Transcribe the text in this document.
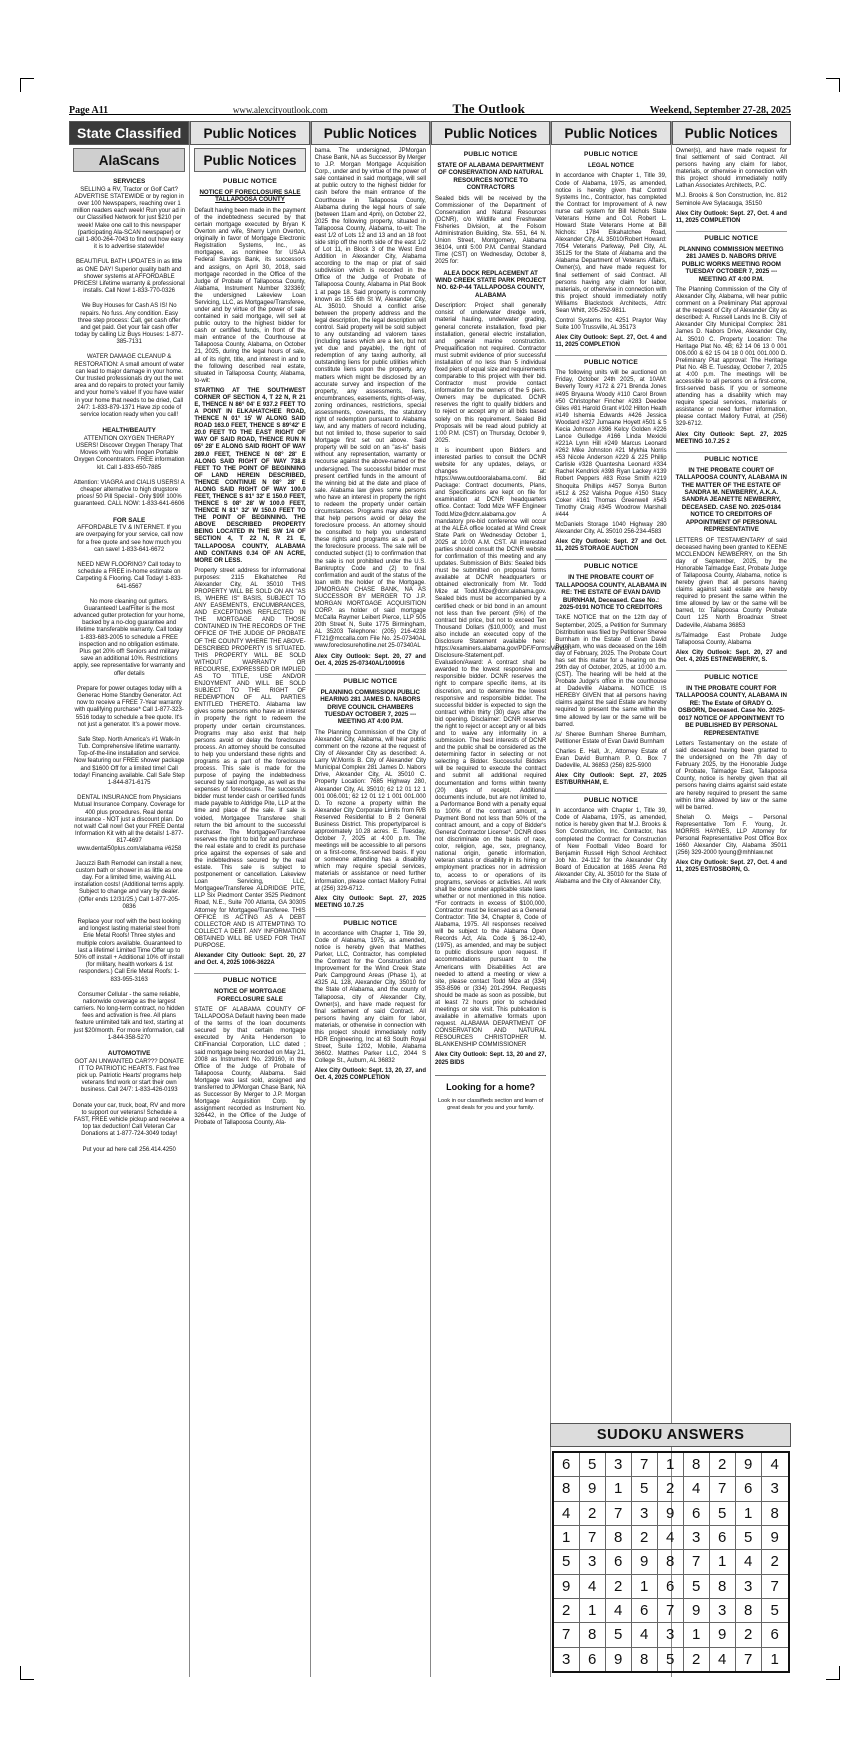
Page A11	www.alexcityoutlook.com	The Outlook	Weekend, September 27-28, 2025
State Classified
AlaScans
SERVICES
SELLING a RV, Tractor or Golf Cart? ADVERTISE STATEWIDE or by region in over 100 Newspapers, reaching over 1 million readers each week! Run your ad in our Classified Network for just $210 per week! Make one call to this newspaper (participating Ala-SCAN newspaper) or call 1-800-264-7043 to find out how easy it is to advertise statewide!
BEAUTIFUL BATH UPDATES in as little as ONE DAY! Superior quality bath and shower systems at AFFORDABLE PRICES! Lifetime warranty & professional installs. Call Now! 1-833-770-0326
We Buy Houses for Cash AS IS! No repairs. No fuss. Any condition. Easy three step process: Call, get cash offer and get paid. Get your fair cash offer today by calling Liz Buys Houses: 1-877-385-7131
WATER DAMAGE CLEANUP & RESTORATION: A small amount of water can lead to major damage in your home. Our trusted professionals dry out the wet area and do repairs to protect your family and your home's value! If you have water in your home that needs to be dried, Call 24/7: 1-833-879-1371 Have zip code of service location ready when you call!
HEALTH/BEAUTY
ATTENTION OXYGEN THERAPY USERS! Discover Oxygen Therapy That Moves with You with Inogen Portable Oxygen Concentrators. FREE information kit. Call 1-833-650-7885
Attention: VIAGRA and CIALIS USERS! A cheaper alternative to high drugstore prices! 50 Pill Special - Only $99! 100% guaranteed. CALL NOW: 1-833-641-6606
FOR SALE
AFFORDABLE TV & INTERNET. If you are overpaying for your service, call now for a free quote and see how much you can save! 1-833-641-6672
NEED NEW FLOORING? Call today to schedule a FREE in-home estimate on Carpeting & Flooring. Call Today! 1-833-641-6567
No more cleaning out gutters. Guaranteed! LeafFilter is the most advanced gutter protection for your home, backed by a no-clog guarantee and lifetime transferable warranty. Call today 1-833-683-2005 to schedule a FREE inspection and no obligation estimate. Plus get 20% off! Seniors and military save an additional 10%. Restrictions apply, see representative for warranty and offer details
Prepare for power outages today with a Generac Home Standby Generator. Act now to receive a FREE 7-Year warranty with qualifying purchase* Call 1-877-323-5516 today to schedule a free quote. It's not just a generator. It's a power move.
Safe Step. North America's #1 Walk-In Tub. Comprehensive lifetime warranty. Top-of-the-line installation and service. Now featuring our FREE shower package and $1600 Off for a limited time! Call today! Financing available. Call Safe Step 1-844-871-6175
DENTAL INSURANCE from Physicians Mutual Insurance Company. Coverage for 400 plus procedures. Real dental insurance - NOT just a discount plan. Do not wait! Call now! Get your FREE Dental Information Kit with all the details! 1-877-817-4697 www.dental50plus.com/alabama #6258
Jacuzzi Bath Remodel can install a new, custom bath or shower in as little as one day. For a limited time, waiving ALL installation costs! (Additional terms apply. Subject to change and vary by dealer. (Offer ends 12/31/25.) Call 1-877-205-0836
Replace your roof with the best looking and longest lasting material steel from Erie Metal Roofs! Three styles and multiple colors available. Guaranteed to last a lifetime! Limited Time Offer up to 50% off install + Additional 10% off install (for military, health workers & 1st responders.) Call Erie Metal Roofs: 1-833-955-3163
Consumer Cellular - the same reliable, nationwide coverage as the largest carriers. No long-term contract, no hidden fees and activation is free. All plans feature unlimited talk and text, starting at just $20/month. For more information, call 1-844-358-5270
AUTOMOTIVE
GOT AN UNWANTED CAR??? DONATE IT TO PATRIOTIC HEARTS. Fast free pick up. Patriotic Hearts' programs help veterans find work or start their own business. Call 24/7: 1-833-426-0193
Donate your car, truck, boat, RV and more to support our veterans! Schedule a FAST, FREE vehicle pickup and receive a top tax deduction! Call Veteran Car Donations at 1-877-724-3049 today!
Put your ad here call 256.414.4250
Public Notices
Public Notices
PUBLIC NOTICE
NOTICE OF FORECLOSURE SALE TALLAPOOSA COUNTY
Default having been made in the payment of the indebtedness secured by that certain mortgage executed by Bryan K Overton and wife, Sherry Lynn Overton, originally in favor of Mortgage Electronic Registration Systems, Inc., as mortgagee, as nominee for USAA Federal Savings Bank, its successors and assigns, on April 30, 2018, said mortgage recorded in the Office of the Judge of Probate of Tallapoosa County, Alabama, Instrument Number 323369; the undersigned Lakeview Loan Servicing, LLC, as Mortgagee/Transferee, under and by virtue of the power of sale contained in said mortgage, will sell at public outcry to the highest bidder for cash or certified funds, in front of the main entrance of the Courthouse at Tallapoosa County, Alabama, on October 21, 2025, during the legal hours of sale, all of its right, title, and interest in and to the following described real estate, situated in Tallapoosa County, Alabama, to-wit:
STARTING AT THE SOUTHWEST CORNER OF SECTION 4, T 22 N, R 21 E, THENCE N 86° 04' E 937.2 FEET TO A POINT IN ELKAHATCHEE ROAD, THENCE N 01° 15' W ALONG SAID ROAD 163.0 FEET, THENCE S 89°42' E 20.0 FEET TO THE EAST RIGHT OF WAY OF SAID ROAD, THENCE RUN N 05° 28' E ALONG SAID RIGHT OF WAY 289.0 FEET, THENCE N 08° 28' E ALONG SAID RIGHT OF WAY 738.8 FEET TO THE POINT OF BEGINNING OF LAND HEREIN DESCRIBED, THENCE CONTINUE N 08° 28' E ALONG SAID RIGHT OF WAY 100.0 FEET, THENCE S 81° 32' E 150.0 FEET, THENCE S 08° 28' W 100.0 FEET, THENCE N 81° 32' W 150.0 FEET TO THE POINT OF BEGINNING. THE ABOVE DESCRIBED PROPERTY BEING LOCATED IN THE SW 1/4 OF SECTION 4, T 22 N, R 21 E, TALLAPOOSA COUNTY, ALABAMA AND CONTAINS 0.34 OF AN ACRE, MORE OR LESS.
Property street address for informational purposes: 2115 Elkahatchee Rd Alexander City, AL 35010 THIS PROPERTY WILL BE SOLD ON AN "AS IS, WHERE IS" BASIS, SUBJECT TO ANY EASEMENTS, ENCUMBRANCES, AND EXCEPTIONS REFLECTED IN THE MORTGAGE AND THOSE CONTAINED IN THE RECORDS OF THE OFFICE OF THE JUDGE OF PROBATE OF THE COUNTY WHERE THE ABOVE-DESCRIBED PROPERTY IS SITUATED. THIS PROPERTY WILL BE SOLD WITHOUT WARRANTY OR RECOURSE, EXPRESSED OR IMPLIED AS TO TITLE, USE AND/OR ENJOYMENT AND WILL BE SOLD SUBJECT TO THE RIGHT OF REDEMPTION OF ALL PARTIES ENTITLED THERETO. Alabama law gives some persons who have an interest in property the right to redeem the property under certain circumstances. Programs may also exist that help persons avoid or delay the foreclosure process. An attorney should be consulted to help you understand these rights and programs as a part of the foreclosure process. This sale is made for the purpose of paying the indebtedness secured by said mortgage, as well as the expenses of foreclosure. The successful bidder must tender cash or certified funds made payable to Aldridge Pite, LLP at the time and place of the sale. If sale is voided, Mortgagee Transferee shall return the bid amount to the successful purchaser. The Mortgagee/Transferee reserves the right to bid for and purchase the real estate and to credit its purchase price against the expenses of sale and the indebtedness secured by the real estate. This sale is subject to postponement or cancellation. Lakeview Loan Servicing, LLC, Mortgagee/Transferee ALDRIDGE PITE, LLP Six Piedmont Center 3525 Piedmont Road, N.E., Suite 700 Atlanta, GA 30305 Attorney for Mortgagee/Transferee. THIS OFFICE IS ACTING AS A DEBT COLLECTOR AND IS ATTEMPTING TO COLLECT A DEBT. ANY INFORMATION OBTAINED WILL BE USED FOR THAT PURPOSE.
Alexander City Outlook: Sept. 20, 27 and Oct. 4, 2025 1006-3622A
PUBLIC NOTICE
NOTICE OF MORTGAGE FORECLOSURE SALE
STATE OF ALABAMA COUNTY OF TALLAPOOSA Default having been made of the terms of the loan documents secured by that certain mortgage executed by Anita Henderson to CitiFinancial Corporation, LLC dated ; said mortgage being recorded on May 21, 2008 as Instrument No. 239160, in the Office of the Judge of Probate of Tallapoosa County, Alabama. Said Mortgage was last sold, assigned and transferred to JPMorgan Chase Bank, NA as Successor By Merger to J.P. Morgan Mortgage Acquisition Corp. by assignment recorded as Instrument No. 326442, in the Office of the Judge of Probate of Tallapoosa County, Ala-
Public Notices
bama. The undersigned, JPMorgan Chase Bank, NA as Successor By Merger to J.P. Morgan Mortgage Acquisition Corp., under and by virtue of the power of sale contained in said mortgage, will sell at public outcry to the highest bidder for cash before the main entrance of the Courthouse in Tallapoosa County, Alabama during the legal hours of sale (between 11am and 4pm), on October 22, 2025 the following property, situated in Tallapoosa County, Alabama, to-wit: The east 1/2 of Lots 12 and 13 and an 18 foot side strip off the north side of the east 1/2 of Lot 11, in Block 3 of the West End Addition in Alexander City, Alabama according to the map or plat of said subdivision which is recorded in the Office of the Judge of Probate of Tallapoosa County, Alabama in Plat Book 1 at page 18. Said property is commonly known as 155 6th St W, Alexander City, AL 35010. Should a conflict arise between the property address and the legal description, the legal description will control. Said property will be sold subject to any outstanding ad valorem taxes (including taxes which are a lien, but not yet due and payable), the right of redemption of any taxing authority, all outstanding liens for public utilities which constitute liens upon the property, any matters which might be disclosed by an accurate survey and inspection of the property, any assessments, liens, encumbrances, easements, rights-of-way, zoning ordinances, restrictions, special assessments, covenants, the statutory right of redemption pursuant to Alabama law, and any matters of record including, but not limited to, those superior to said Mortgage first set out above. Said property will be sold on an "as-is" basis without any representation, warranty or recourse against the above-named or the undersigned. The successful bidder must present certified funds in the amount of the winning bid at the date and place of sale. Alabama law gives some persons who have an interest in property the right to redeem the property under certain circumstances. Programs may also exist that help persons avoid or delay the foreclosure process. An attorney should be consulted to help you understand these rights and programs as a part of the foreclosure process. The sale will be conducted subject (1) to confirmation that the sale is not prohibited under the U.S. Bankruptcy Code and (2) to final confirmation and audit of the status of the loan with the holder of the Mortgage. JPMORGAN CHASE BANK, NA AS SUCCESSOR BY MERGER TO J.P. MORGAN MORTGAGE ACQUISITION CORP. as holder of said mortgage McCalla Raymer Leibert Pierce, LLP 505 20th Street N, Suite 1775 Birmingham, AL 35203 Telephone: (205) 216-4238 FT21@mccalla.com File No. 25-07340AL www.foreclosurehotline.net 25-07340AL
Alex City Outlook: Sept. 20, 27 and Oct. 4, 2025 25-07340AL/100916
PUBLIC NOTICE
PLANNING COMMISSION PUBLIC HEARING 281 JAMES D. NABORS DRIVE COUNCIL CHAMBERS TUESDAY OCTOBER 7, 2025 --- MEETING AT 4:00 P.M.
The Planning Commission of the City of Alexander City, Alabama, will hear public comment on the rezone at the request of City of Alexander City as described: A. Larry W.Morris B. City of Alexander City Municipal Complex 281 James D. Nabors Drive, Alexander City, AL 35010 C. Property Location: 7685 Highway 280, Alexander City, AL 35010; 62 12 01 12 1 001 006.001; 62 12 01 12 1 001 001.000 D. To rezone a property within the Alexander City Corporate Limits from R/B Reserved Residential to B 2 General Business District. This property/parcel is approximately 10.28 acres. E. Tuesday, October 7, 2025 at 4:00 p.m. The meetings will be accessible to all persons on a first-come, first-served basis. If you or someone attending has a disability which may require special services, materials or assistance or need further information, please contact Mallory Futral at (256) 329-6712.
Alex City Outlook: Sept. 27, 2025 MEETING 10.7.25
PUBLIC NOTICE
In accordance with Chapter 1, Title 39, Code of Alabama, 1975, as amended, notice is hereby given that Matthes Parker, LLC, Contractor, has completed the Contract for the Construction and Improvement for the Wind Creek State Park Campground Areas (Phase 1), at 4325 AL 128, Alexander City, 35010 for the State of Alabama, and the county of Tallapoosa, city of Alexander City, Owner(s), and have made request for final settlement of said Contract. All persons having any claim for labor, materials, or otherwise in connection with this project should immediately notify HDR Engineering, Inc at 63 South Royal Street, Suite 1202, Mobile, Alabama 36602. Matthes Parker LLC, 2044 S College St., Auburn, AL 36832
Alex City Outlook: Sept. 13, 20, 27, and Oct. 4, 2025 COMPLETION
Public Notices
PUBLIC NOTICE
STATE OF ALABAMA DEPARTMENT OF CONSERVATION AND NATURAL RESOURCES NOTICE TO CONTRACTORS
Sealed bids will be received by the Commissioner of the Department of Conservation and Natural Resources (DCNR), c/o Wildlife and Freshwater Fisheries Division, at the Folsom Administration Building, Ste. 551, 64 N. Union Street, Montgomery, Alabama 36104, until 5:00 P.M. Central Standard Time (CST) on Wednesday, October 8, 2025 for:
ALEA DOCK REPLACEMENT AT WIND CREEK STATE PARK PROJECT NO. 62-P-44 TALLAPOOSA COUNTY, ALABAMA
Description: Project shall generally consist of underwater dredge work, material hauling, underwater grading, general concrete installation, fixed pier installation, general electric installation, and general marine construction. Prequalification not required. Contractor must submit evidence of prior successful installation of no less than 5 individual fixed piers of equal size and requirements comparable to this project with their bid. Contractor must provide contact information for the owners of the 5 piers. Owners may be duplicated. DCNR reserves the right to qualify bidders and to reject or accept any or all bids based solely on this requirement. Sealed Bid Proposals will be read aloud publicly at 1:00 P.M. (CST) on Thursday, October 9, 2025.
It is incumbent upon Bidders and interested parties to consult the DCNR website for any updates, delays, or changes at: https://www.outdooralabama.com/. Bid Package: Contract documents, Plans, and Specifications are kept on file for examination at DCNR headquarters office. Contact: Todd Mize WFF Engineer Todd.Mize@dcnr.alabama.gov A mandatory pre-bid conference will occur at the ALEA office located at Wind Creek State Park on Wednesday October 1, 2025 at 10:00 A.M. CST. All interested parties should consult the DCNR website for confirmation of this meeting and any updates. Submission of Bids: Sealed bids must be submitted on proposal forms available at DCNR headquarters or obtained electronically from Mr. Todd Mize at Todd.Mize@dcnr.alabama.gov. Sealed bids must be accompanied by a certified check or bid bond in an amount not less than five percent (5%) of the contract bid price, but not to exceed Ten Thousand Dollars ($10,000); and must also include an executed copy of the Disclosure Statement available here: https://examiners.alabama.gov/PDF/Forms/Vendor-Disclosure-Statement.pdf. Evaluation/Award: A contract shall be awarded to the lowest responsive and responsible bidder. DCNR reserves the right to compare specific items, at its discretion, and to determine the lowest responsive and responsible bidder. The successful bidder is expected to sign the contract within thirty (30) days after the bid opening. Disclaimer: DCNR reserves the right to reject or accept any or all bids and to waive any informality in a submission. The best interests of DCNR and the public shall be considered as the determining factor in selecting or not selecting a Bidder. Successful Bidders will be required to execute the contract and submit all additional required documentation and forms within twenty (20) days of receipt. Additional documents include, but are not limited to, a Performance Bond with a penalty equal to 100% of the contract amount, a Payment Bond not less than 50% of the contract amount, and a copy of Bidder's General Contractor License*. DCNR does not discriminate on the basis of race, color, religion, age, sex, pregnancy, national origin, genetic information, veteran status or disability in its hiring or employment practices nor in admission to, access to or operations of its programs, services or activities. All work shall be done under applicable state laws whether or not mentioned in this notice. *For contracts in excess of $100,000, Contractor must be licensed as a General Contractor: Title 34, Chapter 8, Code of Alabama, 1975. All responses received will be subject to the Alabama Open Records Act, Ala. Code § 36-12-40, (1975), as amended, and may be subject to public disclosure upon request. If accommodations pursuant to the Americans with Disabilities Act are needed to attend a meeting or view a site, please contact Todd Mize at (334) 353-8596 or (334) 201-2994. Requests should be made as soon as possible, but at least 72 hours prior to scheduled meetings or site visit. This publication is available in alternative formats upon request. ALABAMA DEPARTMENT OF CONSERVATION AND NATURAL RESOURCES CHRISTOPHER M. BLANKENSHIP COMMISSIONER
Alex City Outlook: Sept. 13, 20 and 27, 2025 BIDS
Looking for a home?
Look in our classifieds section and learn of great deals for you and your family.
Public Notices
PUBLIC NOTICE
LEGAL NOTICE
In accordance with Chapter 1, Title 39, Code of Alabama, 1975, as amended, notice is hereby given that Control Systems Inc., Contractor, has completed the Contract for Improvement of A new nurse call system for Bill Nichols State Veterans Home and Col. Robert L. Howard State Veterans Home at Bill Nichols: 1784 Elkahatchee Road, Alexander City, AL 35010/Robert Howard: 7054 Veterans Parkway, Pell City, AL 35125 for the State of Alabama and the Alabama Department of Veterans Affairs, Owner(s), and have made request for final settlement of said Contract. All persons having any claim for labor, materials, or otherwise in connection with this project should immediately notify Williams Blackstock Architects, Attn: Sean Whitt, 205-252-9811.
Control Systems Inc 4251 Praytor Way Suite 100 Trussville, AL 35173
Alex City Outlook: Sept. 27, Oct. 4 and 11, 2025 COMPLETION
PUBLIC NOTICE
The following units will be auctioned on Friday, October 24th 2025, at 10AM: Beverly Towry #172 & 271 Brenda Jones #495 Bryauna Woody #110 Carol Brown #50 Christopher Fincher #283 Deedee Giles #81 Harold Grant #102 Hilton Heath #149 Ishemia Edwards #426 Jessica Woodard #327 Jumaane Hoyett #501 & 5 Kecia Johnson #396 Kelcy Golden #226 Lance Gulledge #166 Linda Mexicki #221A Lynn Hill #249 Marcus Leonard #262 Mike Johnston #21 Mykhia Norris #53 Nicole Anderson #229 & 225 Phillip Carlisle #328 Quantesha Leonard #334 Rachel Kendrick #398 Ryan Lackey #139 Robert Peppers #83 Rose Smith #219 Shoquita Phillips #457 Sonya Burton #512 & 252 Valisha Pogue #150 Stacy Coker #161 Thomas Greenwell #543 Timothy Craig #345 Woodrow Marshall #444
McDaniels Storage 1040 Highway 280 Alexander City, AL 35010 256-234-4583
Alex City Outlook: Sept. 27 and Oct. 11, 2025 STORAGE AUCTION
PUBLIC NOTICE
IN THE PROBATE COURT OF TALLAPOOSA COUNTY, ALABAMA IN RE: THE ESTATE OF EVAN DAVID BURNHAM, Deceased. Case No.: 2025-0191 NOTICE TO CREDITORS
TAKE NOTICE that on the 12th day of September, 2025, a Petition for Summary Distribution was filed by Petitioner Sheree Burnham in the Estate of Evan David Burnham, who was deceased on the 16th day of February, 2025. The Probate Court has set this matter for a hearing on the 29th day of October, 2025, at 10:00 a.m. (CST). The hearing will be held at the Probate Judge's office in the courthouse at Dadeville Alabama. NOTICE IS HEREBY GIVEN that all persons having claims against the said Estate are hereby required to present the same within the time allowed by law or the same will be barred.
/s/ Sheree Burnham Sheree Burnham, Petitioner Estate of Evan David Burnham
Charles E. Hall, Jr., Attorney Estate of Evan David Burnham P. O. Box 7 Dadeville, AL 36853 (256) 825-5900
Alex City Outlook: Sept. 27, 2025 EST/BURNHAM, E.
PUBLIC NOTICE
In accordance with Chapter 1, Title 39, Code of Alabama, 1975, as amended, notice is hereby given that M.J. Brooks & Son Construction, Inc. Contractor, has completed the Contract for Construction of New Football Video Board for Benjamin Russell High School Architect Job No. 24-112 for the Alexander City Board of Education at 1685 Arena Rd Alexander City, AL 35010 for the State of Alabama and the City of Alexander City,
Public Notices
Owner(s), and have made request for final settlement of said Contract. All persons having any claim for labor, materials, or otherwise in connection with this project should immediately notify Lathan Associates Architects, P.C.
M.J. Brooks & Son Construction, Inc. 812 Seminole Ave Sylacauga, 35150
Alex City Outlook: Sept. 27, Oct. 4 and 11, 2025 COMPLETION
PUBLIC NOTICE
PLANNING COMMISSION MEETING 281 JAMES D. NABORS DRIVE PUBLIC WORKS MEETING ROOM TUESDAY OCTOBER 7, 2025 --- MEETING AT 4:00 P.M.
The Planning Commission of the City of Alexander City, Alabama, will hear public comment on a Preliminary Plat approval at the request of City of Alexander City as described: A. Russell Lands Inc B. City of Alexander City Municipal Complex: 281 James D. Nabors Drive, Alexander City, AL 35010 C. Property Location: The Heritage Plat No. 4B; 62 14 06 13 0 001 006.000 & 62 15 04 18 0 001 001.000 D. Preliminary Plat approval: The Heritage Plat No. 4B E. Tuesday, October 7, 2025 at 4:00 p.m. The meetings will be accessible to all persons on a first-come, first-served basis. If you or someone attending has a disability which may require special services, materials or assistance or need further information, please contact Mallory Futral, at (256) 329-6712.
Alex City Outlook: Sept. 27, 2025 MEETING 10.7.25 2
PUBLIC NOTICE
IN THE PROBATE COURT OF TALLAPOOSA COUNTY, ALABAMA IN THE MATTER OF THE ESTATE OF SANDRA M. NEWBERRY, A.K.A. SANDRA JEANETTE NEWBERRY, DECEASED. CASE NO. 2025-0184 NOTICE TO CREDITORS OF APPOINTMENT OF PERSONAL REPRESENTATIVE
LETTERS OF TESTAMENTARY of said deceased having been granted to KEENE MCCLENDON NEWBERRY, on the 5th day of September, 2025, by the Honorable Talmadge East, Probate Judge of Tallapoosa County, Alabama, notice is hereby given that all persons having claims against said estate are hereby required to present the same within the time allowed by law or the same will be barred, to: Tallapoosa County Probate Court 125 North Broadnax Street Dadeville, Alabama 36853
/s/Talmadge East Probate Judge Tallapoosa County, Alabama
Alex City Outlook: Sept. 20, 27 and Oct. 4, 2025 EST/NEWBERRY, S.
PUBLIC NOTICE
IN THE PROBATE COURT FOR TALLAPOOSA COUNTY, ALABAMA IN RE: The Estate of GRADY O. OSBORN, Deceased. Case No. 2025-0017 NOTICE OF APPOINTMENT TO BE PUBLISHED BY PERSONAL REPRESENTATIVE
Letters Testamentary on the estate of said deceased having been granted to the undersigned on the 7th day of February 2025, by the Honorable Judge of Probate, Talmadge East, Tallapoosa County, notice is hereby given that all persons having claims against said estate are hereby required to present the same within time allowed by law or the same will be barred.
Shelah O. Meigs – Personal Representative Tom F. Young, Jr. MORRIS HAYNES, LLP Attorney for Personal Representative Post Office Box 1660 Alexander City, Alabama 35011 (256) 329-2000 tyoung@mhhlaw.net
Alex City Outlook: Sept. 27, Oct. 4 and 11, 2025 EST/OSBORN, G.
SUDOKU ANSWERS
6	5	3	7	1	8	2	9	4
8	9	1	5	2	4	7	6	3
4	2	7	3	9	6	5	1	8
1	7	8	2	4	3	6	5	9
5	3	6	9	8	7	1	4	2
9	4	2	1	6	5	8	3	7
2	1	4	6	7	9	3	8	5
7	8	5	4	3	1	9	2	6
3	6	9	8	5	2	4	7	1
